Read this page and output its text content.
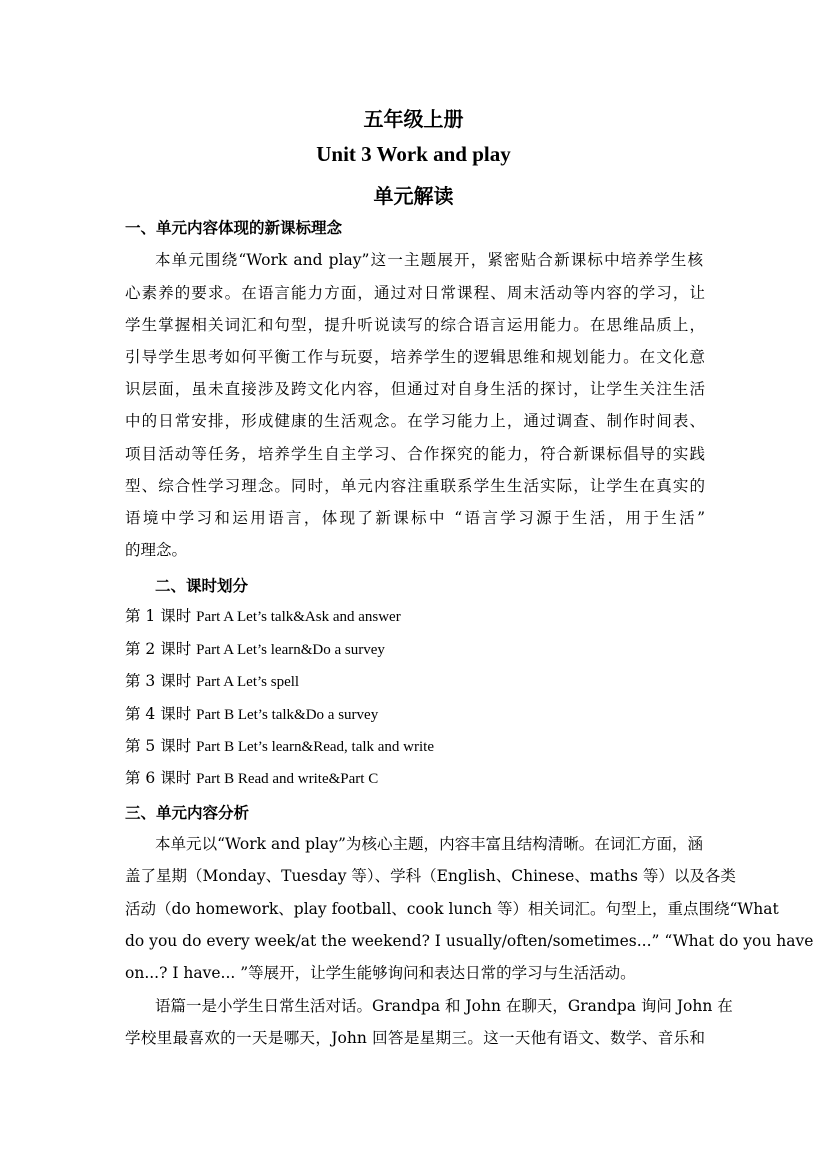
五年级上册
Unit 3 Work and play
单元解读
一、单元内容体现的新课标理念
本单元围绕“Work and play”这一主题展开，紧密贴合新课标中培养学生核
心素养的要求。在语言能力方面，通过对日常课程、周末活动等内容的学习，让
学生掌握相关词汇和句型，提升听说读写的综合语言运用能力。在思维品质上，
引导学生思考如何平衡工作与玩耍，培养学生的逻辑思维和规划能力。在文化意
识层面，虽未直接涉及跨文化内容，但通过对自身生活的探讨，让学生关注生活
中的日常安排，形成健康的生活观念。在学习能力上，通过调查、制作时间表、
项目活动等任务，培养学生自主学习、合作探究的能力，符合新课标倡导的实践
型、综合性学习理念。同时，单元内容注重联系学生生活实际，让学生在真实的
语境中学习和运用语言，体现了新课标中 “语言学习源于生活，用于生活”
的理念。
二、课时划分
第 1 课时 Part A Let’s talk&Ask and answer
第 2 课时 Part A Let’s learn&Do a survey
第 3 课时 Part A Let’s spell
第 4 课时 Part B Let’s talk&Do a survey
第 5 课时 Part B Let’s learn&Read, talk and write
第 6 课时 Part B Read and write&Part C
三、单元内容分析
本单元以“Work and play”为核心主题，内容丰富且结构清晰。在词汇方面，涵
盖了星期（Monday、Tuesday 等）、学科（English、Chinese、maths 等）以及各类
活动（do homework、play football、cook lunch 等）相关词汇。句型上，重点围绕“What
do you do every week/at the weekend? I usually/often/sometimes...” “What do you have
on...? I have... ”等展开，让学生能够询问和表达日常的学习与生活活动。
语篇一是小学生日常生活对话。Grandpa 和 John 在聊天，Grandpa 询问 John 在
学校里最喜欢的一天是哪天，John 回答是星期三。这一天他有语文、数学、音乐和
